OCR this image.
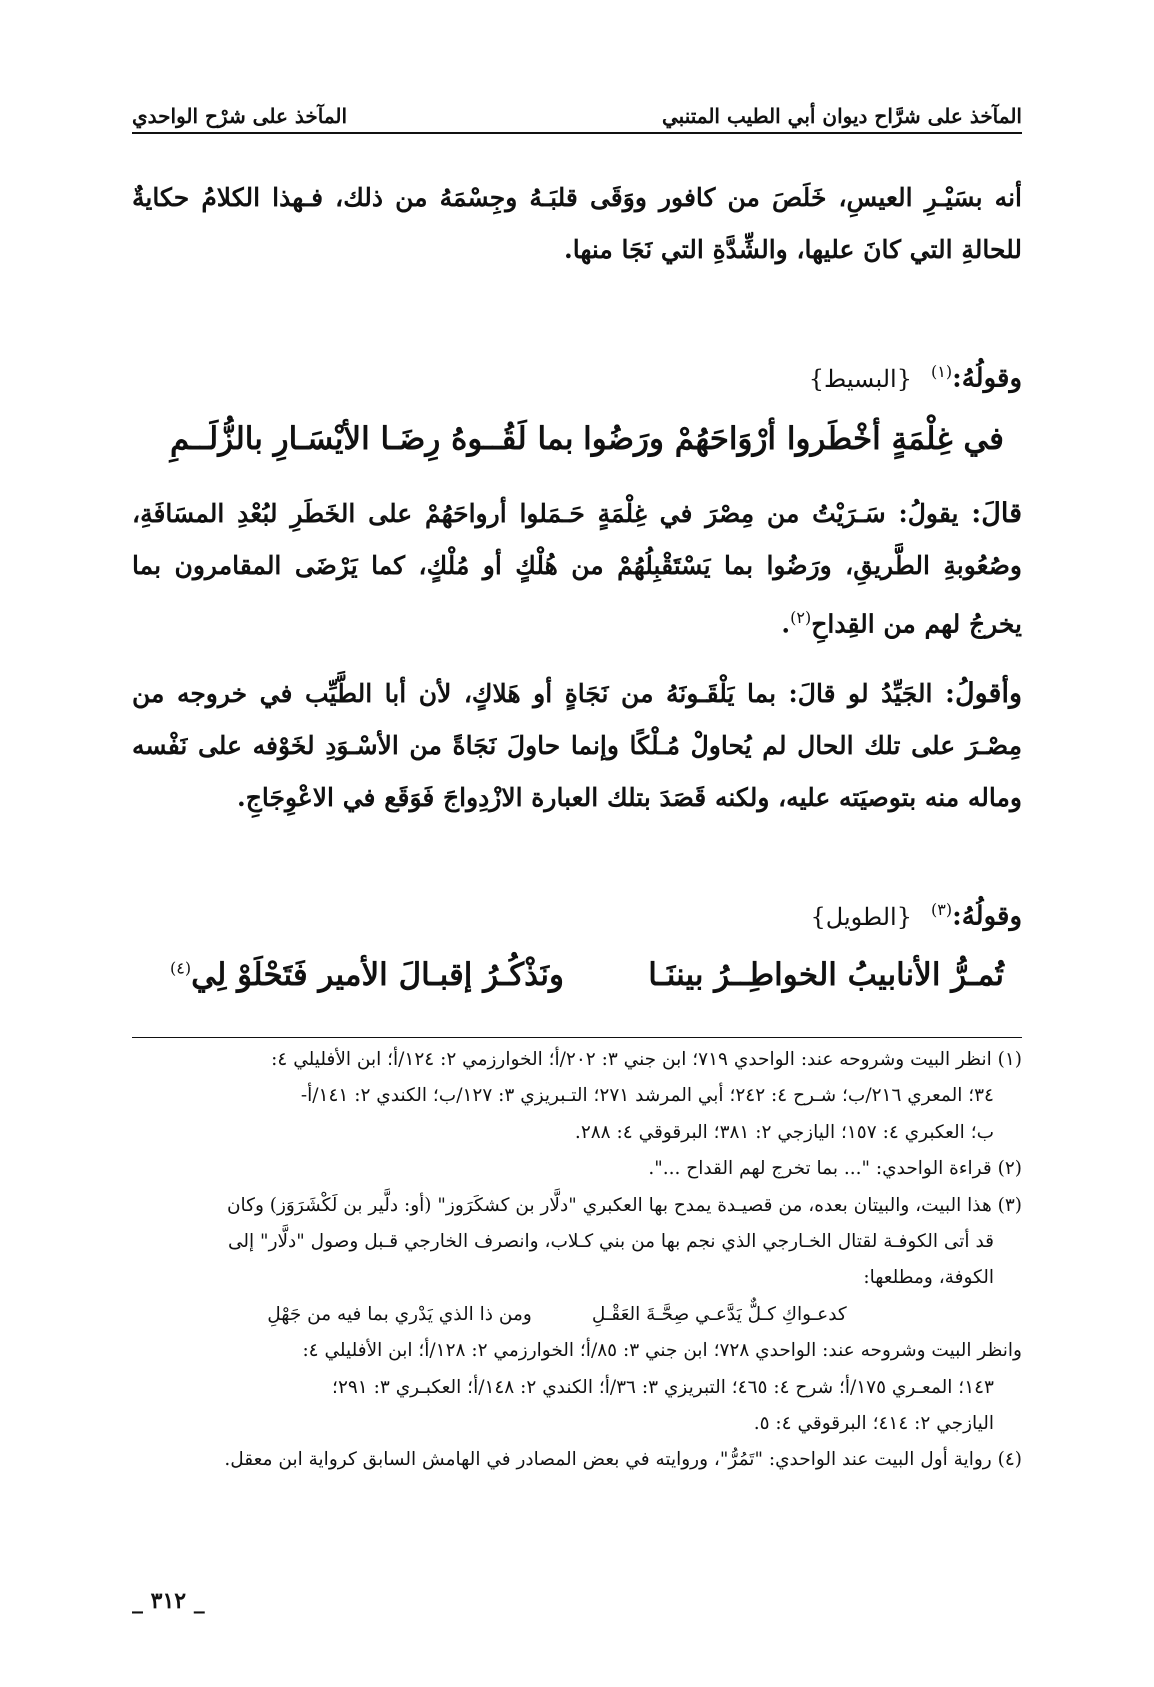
المآخذ على شرَّاح ديوان أبي الطيب المتنبي
المآخذ على شرْح الواحدي
أنه بسَيْـرِ العيسِ، خَلَصَ من كافور ووَقَى قلبَـهُ وجِسْمَهُ من ذلك، فـهذا الكلامُ حكايةٌ للحالةِ التي كانَ عليها، والشِّدَّةِ التي نَجَا منها.
وقولُهُ:$^{(١)}$ {البسيط}
في غِلْمَةٍ أخْطَروا أرْوَاحَهُمْ ورَضُوا
بما لَقُــوهُ رِضَـا الأيْسَـارِ بالزُّلَــمِ
قالَ: يقولُ: سَـرَيْتُ من مِصْرَ في غِلْمَةٍ حَـمَلوا أرواحَهُمْ على الخَطَرِ لبُعْدِ المسَافَةِ، وصُعُوبةِ الطَّريقِ، ورَضُوا بما يَسْتَقْبِلُهُمْ من هُلْكٍ أو مُلْكٍ، كما يَرْضَى المقامرون بما يخرجُ لهم من القِداحِ$^{(٢)}$.
وأقولُ: الجَيِّدُ لو قالَ: بما يَلْقَـونَهُ من نَجَاةٍ أو هَلاكٍ، لأن أبا الطَّيِّب في خروجه من مِصْـرَ على تلك الحال لم يُحاولْ مُـلْكًا وإنما حاولَ نَجَاةً من الأسْـوَدِ لخَوْفه على نَفْسه وماله منه بتوصيَته عليه، ولكنه قَصَدَ بتلك العبارة الازْدِواجَ فَوَقَع في الاعْوِجَاجِ.
وقولُهُ:$^{(٣)}$ {الطويل}
تُمـرُّ الأنابيبُ الخواطِــرُ بيننَـا
ونَذْكُـرُ إقبـالَ الأمير فَتَحْلَوْ لِي$^{(٤)}$

(١) انظر البيت وشروحه عند: الواحدي ٧١٩؛ ابن جني ٣: ٢٠٢/أ؛ الخوارزمي ٢: ١٢٤/أ؛ ابن الأفليلي ٤:

٣٤؛ المعري ٢١٦/ب؛ شـرح ٤: ٢٤٢؛ أبي المرشد ٢٧١؛ التـبريزي ٣: ١٢٧/ب؛ الكندي ٢: ١٤١/أ-

ب؛ العكبري ٤: ١٥٧؛ اليازجي ٢: ٣٨١؛ البرقوقي ٤: ٢٨٨.

(٢) قراءة الواحدي: "... بما تخرج لهم القداح ...".

(٣) هذا البيت، والبيتان بعده، من قصيـدة يمدح بها العكبري "دلَّار بن كشكَرَوز" (أو: دلَّير بن لَكْشَرَوَز) وكان

قد أتى الكوفـة لقتال الخـارجي الذي نجم بها من بني كـلاب، وانصرف الخارجي قـبل وصول "دلَّار" إلى

الكوفة، ومطلعها:

كدعـواكِ كـلٌّ يَدَّعـي صِحَّـةَ العَقْـلِ
ومن ذا الذي يَدْري بما فيه من جَهْلِ

وانظر البيت وشروحه عند: الواحدي ٧٢٨؛ ابن جني ٣: ٨٥/أ؛ الخوارزمي ٢: ١٢٨/أ؛ ابن الأفليلي ٤:

١٤٣؛ المعـري ١٧٥/أ؛ شرح ٤: ٤٦٥؛ التبريزي ٣: ٣٦/أ؛ الكندي ٢: ١٤٨/أ؛ العكبـري ٣: ٢٩١؛

اليازجي ٢: ٤١٤؛ البرقوقي ٤: ٥.

(٤) رواية أول البيت عند الواحدي: "تَمُرُّ"، وروايته في بعض المصادر في الهامش السابق كرواية ابن معقل.

_ ٣١٢ _
